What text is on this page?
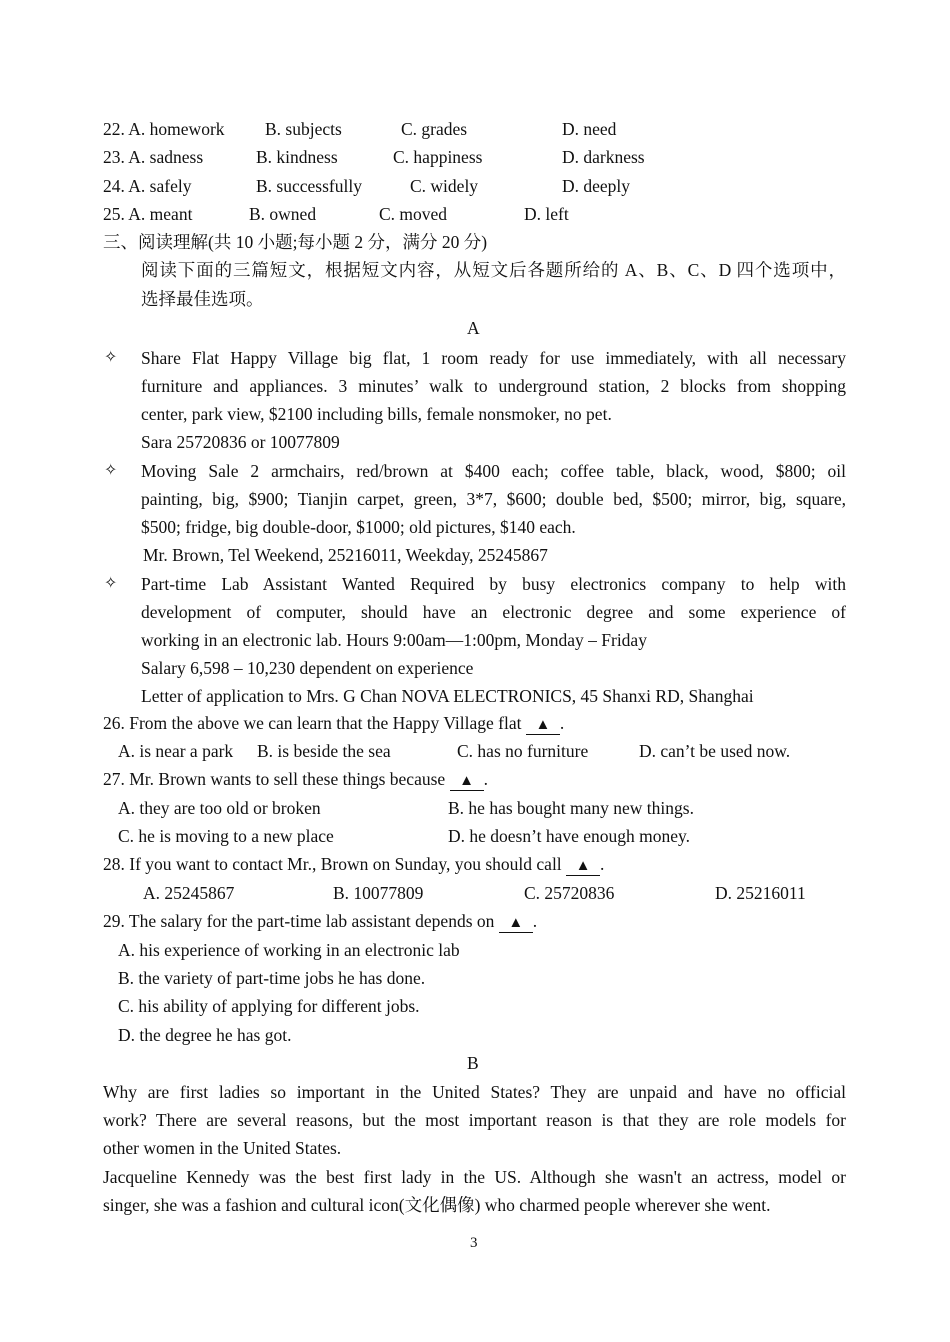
22. A. homework B. subjects	C. grades	D. need
23. A. sadness	B. kindness	C. happiness	D. darkness
24. A. safely	B. successfully	C. widely	D. deeply
25. A. meant	B. owned	C. moved	D. left
三、阅读理解(共 10 小题;每小题 2 分，满分 20 分)
阅读下面的三篇短文，根据短文内容，从短文后各题所给的 A、B、C、D 四个选项中，
选择最佳选项。
A
✧ Share Flat Happy Village big flat, 1 room ready for use immediately, with all necessary
furniture and appliances. 3 minutes’ walk to underground station, 2 blocks from shopping
center, park view, $2100 including bills, female nonsmoker, no pet.
Sara 25720836 or 10077809
✧ Moving Sale 2 armchairs, red/brown at $400 each; coffee table, black, wood, $800; oil
painting, big, $900; Tianjin carpet, green, 3*7, $600; double bed, $500; mirror, big, square,
$500; fridge, big double-door, $1000; old pictures, $140 each.
Mr. Brown, Tel Weekend, 25216011, Weekday, 25245867
✧ Part-time Lab Assistant Wanted Required by busy electronics company to help with
development of computer, should have an electronic degree and some experience of
working in an electronic lab. Hours 9:00am—1:00pm, Monday – Friday
Salary 6,598 – 10,230 dependent on experience
Letter of application to Mrs. G Chan NOVA ELECTRONICS, 45 Shanxi RD, Shanghai
26. From the above we can learn that the Happy Village flat ▲ .
A. is near a park B. is beside the sea	C. has no furniture	D. can’t be used now.
27. Mr. Brown wants to sell these things because ▲ .
A. they are too old or broken	B. he has bought many new things.
C. he is moving to a new place	D. he doesn’t have enough money.
28. If you want to contact Mr., Brown on Sunday, you should call ▲ .
A. 25245867	B. 10077809	C. 25720836	D. 25216011
29. The salary for the part-time lab assistant depends on ▲ .
A. his experience of working in an electronic lab
B. the variety of part-time jobs he has done.
C. his ability of applying for different jobs.
D. the degree he has got.
B
Why are first ladies so important in the United States? They are unpaid and have no official
work? There are several reasons, but the most important reason is that they are role models for
other women in the United States.
Jacqueline Kennedy was the best first lady in the US. Although she wasn't an actress, model or
singer, she was a fashion and cultural icon(文化偶像) who charmed people wherever she went.
3
